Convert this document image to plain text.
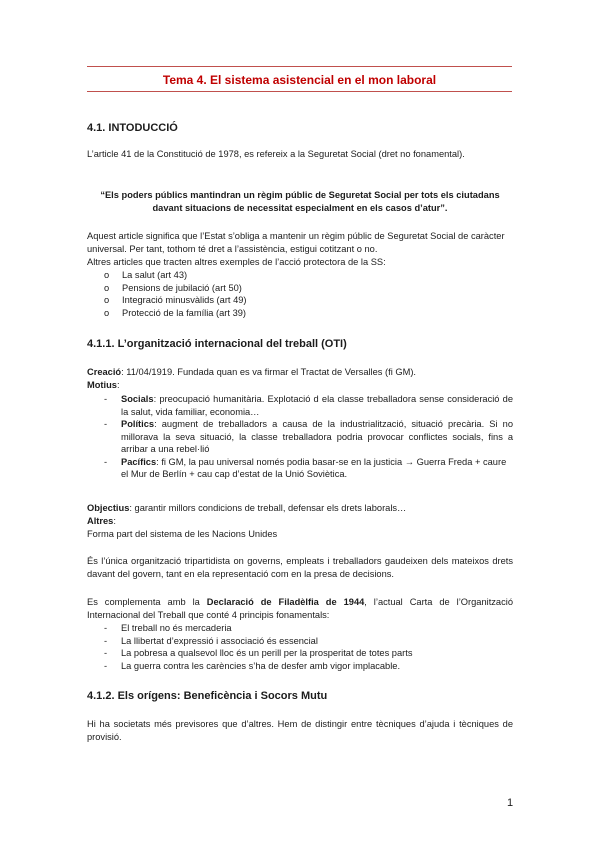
Tema 4. El sistema asistencial en el mon laboral
4.1. INTODUCCIÓ
L’article 41 de la Constitució de 1978, es refereix a la Seguretat Social (dret no fonamental).
“Els poders públics mantindran un règim públic de Seguretat Social per tots els ciutadans davant situacions de necessitat especialment en els casos d’atur”.
Aquest article significa que l’Estat s’obliga a mantenir un règim públic de Seguretat Social de caràcter universal. Per tant, tothom té dret a l’assistència, estigui cotitzant o no.
Altres articles que tracten altres exemples de l’acció protectora de la SS:
o La salut (art 43)
o Pensions de jubilació (art 50)
o Integració minusvàlids (art 49)
o Protecció de la família (art 39)
4.1.1. L’organització internacional del treball (OTI)
Creació: 11/04/1919. Fundada quan es va firmar el Tractat de Versalles (fi GM).
Motius:
- Socials: preocupació humanitària. Explotació d ela classe treballadora sense consideració de la salut, vida familiar, economia…
- Polítics: augment de treballadors a causa de la industrialització, situació precària. Si no millorava la seva situació, la classe treballadora podria provocar conflictes socials, fins a arribar a una rebel·lió
- Pacífics: fi GM, la pau universal només podia basar-se en la justicia → Guerra Freda + caure el Mur de Berlín + cau cap d’estat de la Unió Soviètica.
Objectius: garantir millors condicions de treball, defensar els drets laborals…
Altres:
Forma part del sistema de les Nacions Unides
És l’única organització tripartidista on governs, empleats i treballadors gaudeixen dels mateixos drets davant del govern, tant en ela representació com en la presa de decisions.
Es complementa amb la Declaració de Filadèlfia de 1944, l’actual Carta de l’Organització Internacional del Treball que conté 4 principis fonamentals:
- El treball no és mercaderia
- La llibertat d’expressió i associació és essencial
- La pobresa a qualsevol lloc és un perill per la prosperitat de totes parts
- La guerra contra les carències s’ha de desfer amb vigor implacable.
4.1.2. Els orígens: Beneficència i Socors Mutu
Hi ha societats més previsores que d’altres. Hem de distingir entre tècniques d’ajuda i tècniques de provisió.
1
